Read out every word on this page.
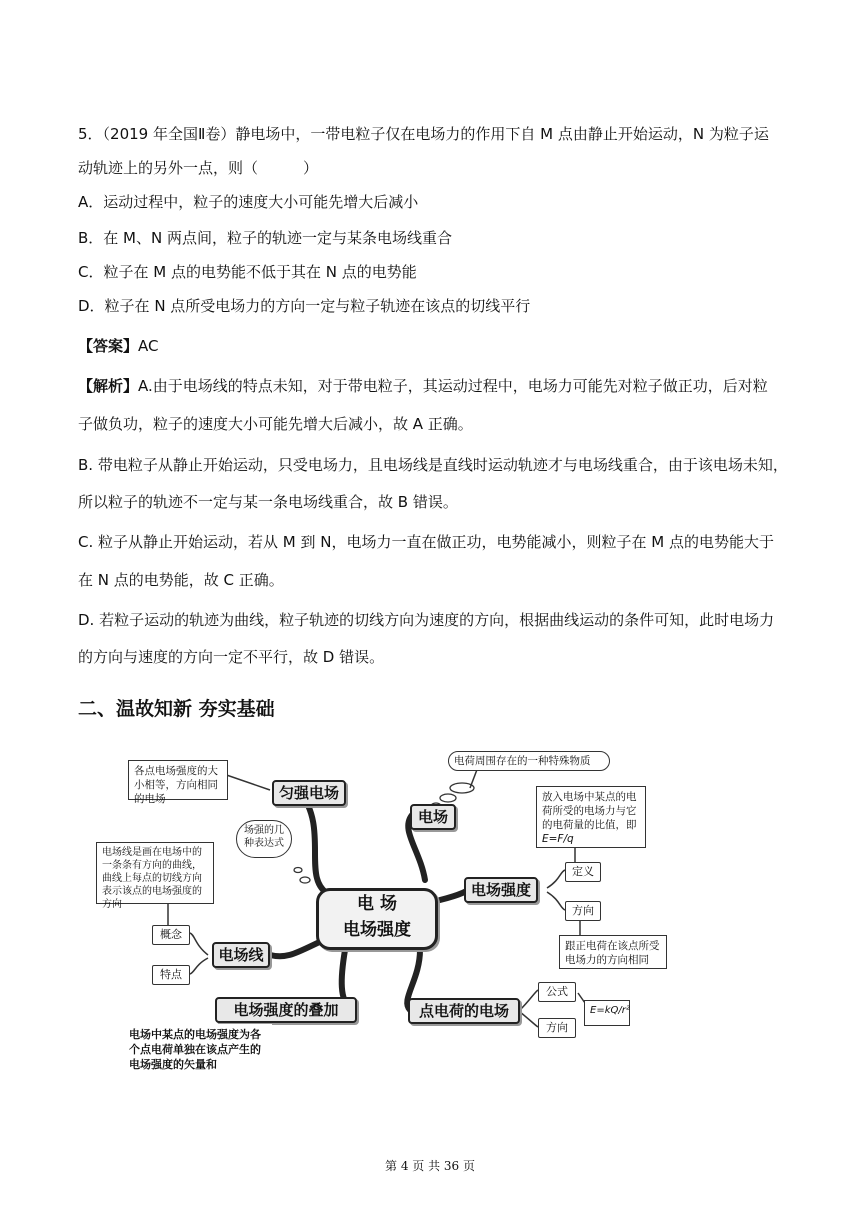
5．（2019 年全国Ⅱ卷）静电场中，一带电粒子仅在电场力的作用下自 M 点由静止开始运动，N 为粒子运
动轨迹上的另外一点，则（　　　）
A．运动过程中，粒子的速度大小可能先增大后减小
B．在 M、N 两点间，粒子的轨迹一定与某条电场线重合
C．粒子在 M 点的电势能不低于其在 N 点的电势能
D．粒子在 N 点所受电场力的方向一定与粒子轨迹在该点的切线平行
【答案】AC
【解析】A.由于电场线的特点未知，对于带电粒子，其运动过程中，电场力可能先对粒子做正功，后对粒
子做负功，粒子的速度大小可能先增大后减小，故 A 正确。
B. 带电粒子从静止开始运动，只受电场力，且电场线是直线时运动轨迹才与电场线重合，由于该电场未知，
所以粒子的轨迹不一定与某一条电场线重合，故 B 错误。
C. 粒子从静止开始运动，若从 M 到 N，电场力一直在做正功，电势能减小，则粒子在 M 点的电势能大于
在 N 点的电势能，故 C 正确。
D. 若粒子运动的轨迹为曲线，粒子轨迹的切线方向为速度的方向，根据曲线运动的条件可知，此时电场力
的方向与速度的方向一定不平行，故 D 错误。
二、温故知新 夯实基础
电 场
电场强度
匀强电场
电场
电场强度
电场线
点电荷的电场
电场强度的叠加
各点电场强度的大小相等，方向相同的电场
电荷周围存在的一种特殊物质
场强的几种表达式
放入电场中某点的电荷所受的电场力与它的电荷量的比值，即E=F/q
跟正电荷在该点所受电场力的方向相同
电场线是画在电场中的一条条有方向的曲线，曲线上每点的切线方向表示该点的电场强度的方向
电场中某点的电场强度为各个点电荷单独在该点产生的电场强度的矢量和
E=kQ/r²
定义
方向
概念
特点
公式
方向
第 4 页 共 36 页
